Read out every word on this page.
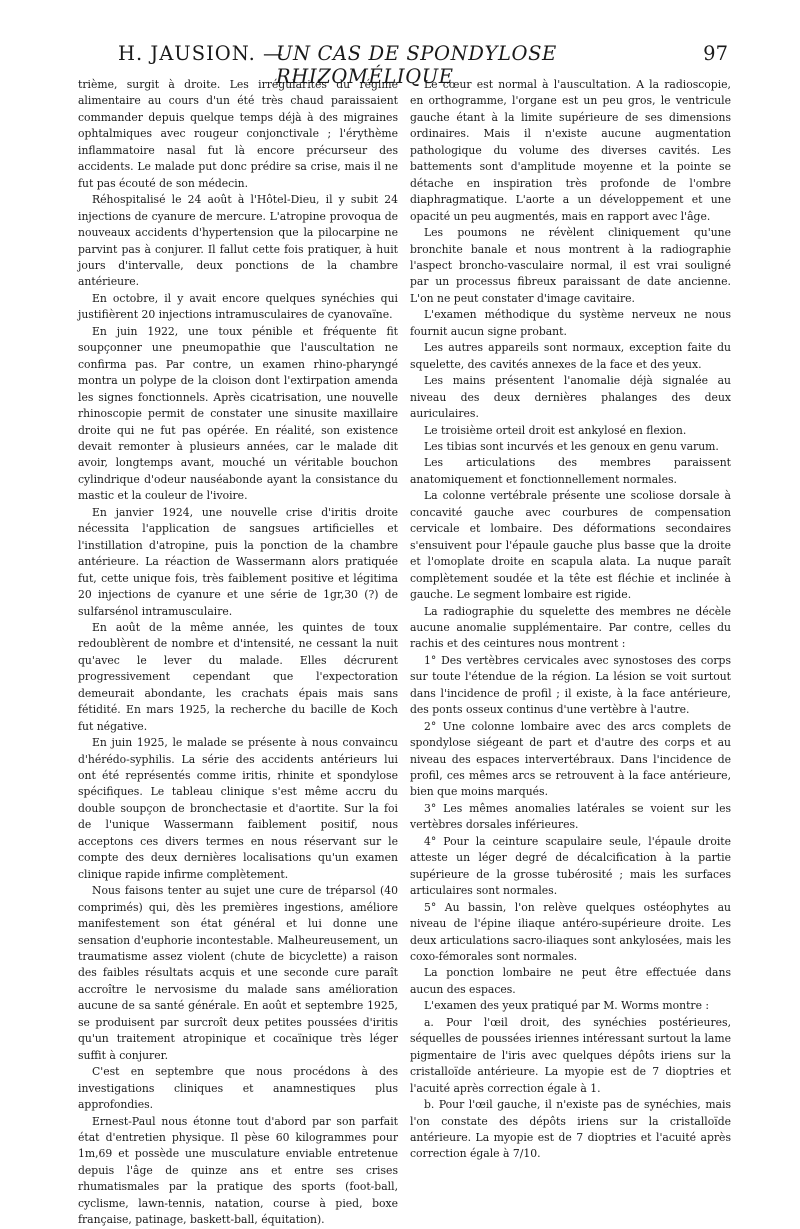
H. JAUSION. —
UN CAS DE SPONDYLOSE RHIZOMÉLIQUE
97

trième, surgit à droite. Les irrégularités du régime alimentaire au cours d'un été très chaud paraissaient commander depuis quelque temps déjà à des migraines ophtalmiques avec rougeur conjonctivale ; l'érythème inflammatoire nasal fut là encore précurseur des accidents. Le malade put donc prédire sa crise, mais il ne fut pas écouté de son médecin.

Réhospitalisé le 24 août à l'Hôtel-Dieu, il y subit 24 injections de cyanure de mercure. L'atropine provoqua de nouveaux accidents d'hypertension que la pilocarpine ne parvint pas à conjurer. Il fallut cette fois pratiquer, à huit jours d'intervalle, deux ponctions de la chambre antérieure.

En octobre, il y avait encore quelques synéchies qui justifièrent 20 injections intramusculaires de cyanovaïne.

En juin 1922, une toux pénible et fréquente fit soupçonner une pneumopathie que l'auscultation ne confirma pas. Par contre, un examen rhino-pharyngé montra un polype de la cloison dont l'extirpation amenda les signes fonctionnels. Après cicatrisation, une nouvelle rhinoscopie permit de constater une sinusite maxillaire droite qui ne fut pas opérée. En réalité, son existence devait remonter à plusieurs années, car le malade dit avoir, longtemps avant, mouché un véritable bouchon cylindrique d'odeur nauséabonde ayant la consistance du mastic et la couleur de l'ivoire.

En janvier 1924, une nouvelle crise d'iritis droite nécessita l'application de sangsues artificielles et l'instillation d'atropine, puis la ponction de la chambre antérieure. La réaction de Wassermann alors pratiquée fut, cette unique fois, très faiblement positive et légitima 20 injections de cyanure et une série de 1gr,30 (?) de sulfarsénol intramusculaire.

En août de la même année, les quintes de toux redoublèrent de nombre et d'intensité, ne cessant la nuit qu'avec le lever du malade. Elles décrurent progressivement cependant que l'expectoration demeurait abondante, les crachats épais mais sans fétidité. En mars 1925, la recherche du bacille de Koch fut négative.

En juin 1925, le malade se présente à nous convaincu d'hérédo-syphilis. La série des accidents antérieurs lui ont été représentés comme iritis, rhinite et spondylose spécifiques. Le tableau clinique s'est même accru du double soupçon de bronchectasie et d'aortite. Sur la foi de l'unique Wassermann faiblement positif, nous acceptons ces divers termes en nous réservant sur le compte des deux dernières localisations qu'un examen clinique rapide infirme complètement.

Nous faisons tenter au sujet une cure de tréparsol (40 comprimés) qui, dès les premières ingestions, améliore manifestement son état général et lui donne une sensation d'euphorie incontestable. Malheureusement, un traumatisme assez violent (chute de bicyclette) a raison des faibles résultats acquis et une seconde cure paraît accroître le nervosisme du malade sans amélioration aucune de sa santé générale. En août et septembre 1925, se produisent par surcroît deux petites poussées d'iritis qu'un traitement atropinique et cocaïnique très léger suffit à conjurer.

C'est en septembre que nous procédons à des investigations cliniques et anamnestiques plus approfondies.

Ernest-Paul nous étonne tout d'abord par son parfait état d'entretien physique. Il pèse 60 kilogrammes pour 1m,69 et possède une musculature enviable entretenue depuis l'âge de quinze ans et entre ses crises rhumatismales par la pratique des sports (foot-ball, cyclisme, lawn-tennis, natation, course à pied, boxe française, patinage, baskett-ball, équitation).

Le cœur est normal à l'auscultation. A la radioscopie, en orthogramme, l'organe est un peu gros, le ventricule gauche étant à la limite supérieure de ses dimensions ordinaires. Mais il n'existe aucune augmentation pathologique du volume des diverses cavités. Les battements sont d'amplitude moyenne et la pointe se détache en inspiration très profonde de l'ombre diaphragmatique. L'aorte a un développement et une opacité un peu augmentés, mais en rapport avec l'âge.

Les poumons ne révèlent cliniquement qu'une bronchite banale et nous montrent à la radiographie l'aspect broncho-vasculaire normal, il est vrai souligné par un processus fibreux paraissant de date ancienne. L'on ne peut constater d'image cavitaire.

L'examen méthodique du système nerveux ne nous fournit aucun signe probant.

Les autres appareils sont normaux, exception faite du squelette, des cavités annexes de la face et des yeux.

Les mains présentent l'anomalie déjà signalée au niveau des deux dernières phalanges des deux auriculaires.

Le troisième orteil droit est ankylosé en flexion.

Les tibias sont incurvés et les genoux en genu varum.

Les articulations des membres paraissent anatomiquement et fonctionnellement normales.

La colonne vertébrale présente une scoliose dorsale à concavité gauche avec courbures de compensation cervicale et lombaire. Des déformations secondaires s'ensuivent pour l'épaule gauche plus basse que la droite et l'omoplate droite en scapula alata. La nuque paraît complètement soudée et la tête est fléchie et inclinée à gauche. Le segment lombaire est rigide.

La radiographie du squelette des membres ne décèle aucune anomalie supplémentaire. Par contre, celles du rachis et des ceintures nous montrent :

1° Des vertèbres cervicales avec synostoses des corps sur toute l'étendue de la région. La lésion se voit surtout dans l'incidence de profil ; il existe, à la face antérieure, des ponts osseux continus d'une vertèbre à l'autre.

2° Une colonne lombaire avec des arcs complets de spondylose siégeant de part et d'autre des corps et au niveau des espaces intervertébraux. Dans l'incidence de profil, ces mêmes arcs se retrouvent à la face antérieure, bien que moins marqués.

3° Les mêmes anomalies latérales se voient sur les vertèbres dorsales inférieures.

4° Pour la ceinture scapulaire seule, l'épaule droite atteste un léger degré de décalcification à la partie supérieure de la grosse tubérosité ; mais les surfaces articulaires sont normales.

5° Au bassin, l'on relève quelques ostéophytes au niveau de l'épine iliaque antéro-supérieure droite. Les deux articulations sacro-iliaques sont ankylosées, mais les coxo-fémorales sont normales.

La ponction lombaire ne peut être effectuée dans aucun des espaces.

L'examen des yeux pratiqué par M. Worms montre :

a. Pour l'œil droit, des synéchies postérieures, séquelles de poussées iriennes intéressant surtout la lame pigmentaire de l'iris avec quelques dépôts iriens sur la cristalloïde antérieure. La myopie est de 7 dioptries et l'acuité après correction égale à 1.

b. Pour l'œil gauche, il n'existe pas de synéchies, mais l'on constate des dépôts iriens sur la cristalloïde antérieure. La myopie est de 7 dioptries et l'acuité après correction égale à 7/10.
